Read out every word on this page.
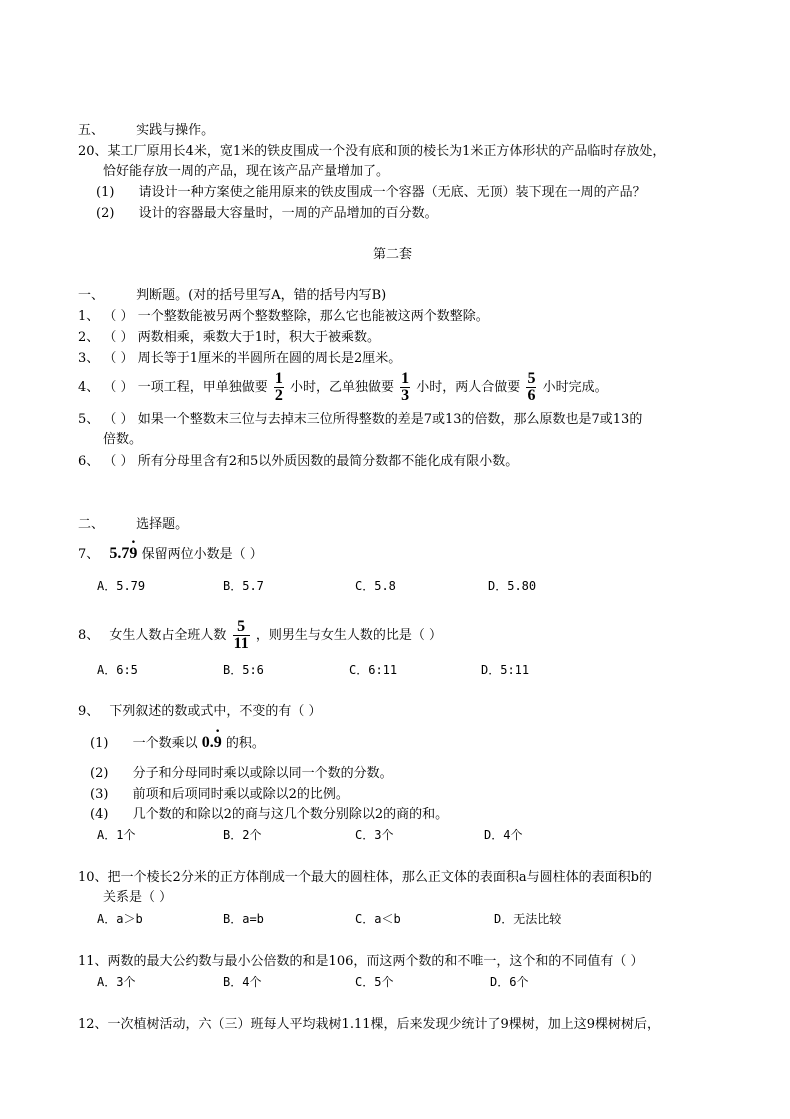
五、 实践与操作。
20、某工厂原用长4米，宽1米的铁皮围成一个没有底和顶的棱长为1米正方体形状的产品临时存放处，
恰好能存放一周的产品，现在该产品产量增加了。
(1) 请设计一种方案使之能用原来的铁皮围成一个容器（无底、无顶）装下现在一周的产品？
(2) 设计的容器最大容量时，一周的产品增加的百分数。
第二套
一、 判断题。(对的括号里写A，错的括号内写B)
1、 （ ） 一个整数能被另两个整数整除，那么它也能被这两个数整除。
2、 （ ） 两数相乘，乘数大于1时，积大于被乘数。
3、 （ ） 周长等于1厘米的半圆所在圆的周长是2厘米。
4、 （ ） 一项工程，甲单独做要 $\frac{1}{2}$ 小时，乙单独做要 $\frac{1}{3}$ 小时，两人合做要 $\frac{5}{6}$ 小时完成。
5、 （ ） 如果一个整数末三位与去掉末三位所得整数的差是7或13的倍数，那么原数也是7或13的
倍数。
6、 （ ） 所有分母里含有2和5以外质因数的最简分数都不能化成有限小数。
二、 选择题。
7、 5.79 · 保留两位小数是（ ）
A．5.79	B．5.7	C．5.8	D．5.80
8、 女生人数占全班人数 $\frac{5}{11}$ ，则男生与女生人数的比是（ ）
A．6:5	B．5:6	C．6:11	D．5:11
9、 下列叙述的数或式中，不变的有（ ）
(1) 一个数乘以 0.9 · 的积。
(2) 分子和分母同时乘以或除以同一个数的分数。
(3) 前项和后项同时乘以或除以2的比例。
(4) 几个数的和除以2的商与这几个数分别除以2的商的和。
A．1个	B．2个	C．3个	D．4个
10、把一个棱长2分米的正方体削成一个最大的圆柱体，那么正文体的表面积a与圆柱体的表面积b的
关系是（ ）
A．a＞b	B．a=b	C．a＜b	D．无法比较
11、两数的最大公约数与最小公倍数的和是106，而这两个数的和不唯一，这个和的不同值有（ ）
A．3个	B．4个	C．5个	D．6个
12、一次植树活动，六（三）班每人平均栽树1.11棵，后来发现少统计了9棵树，加上这9棵树树后，
